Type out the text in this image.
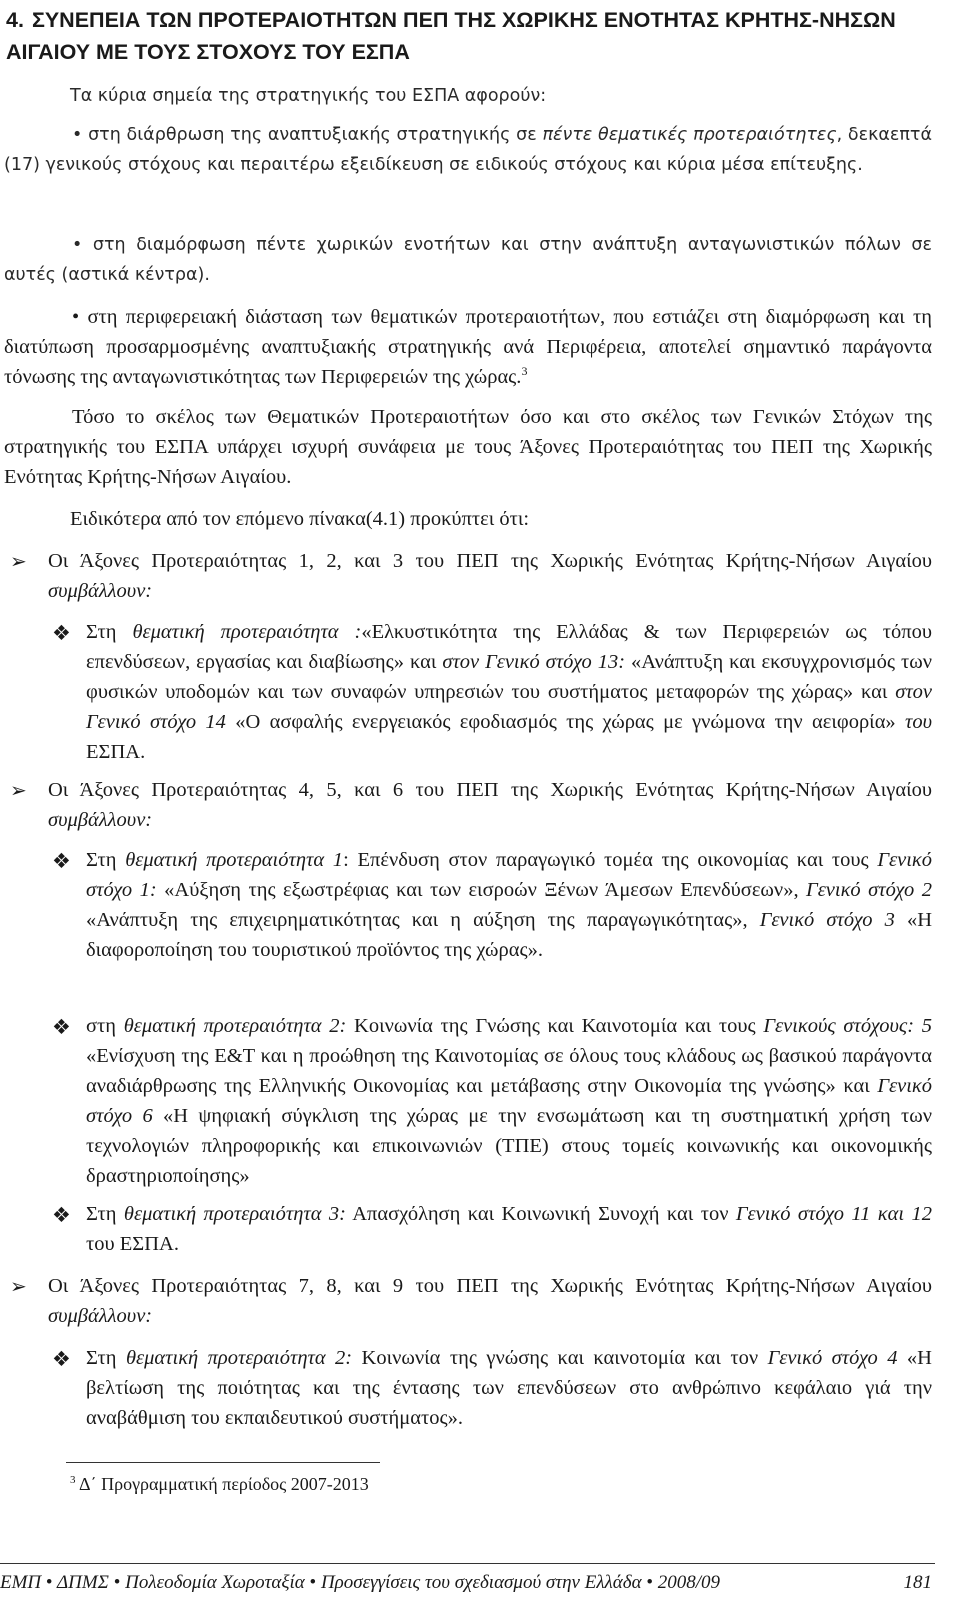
4. ΣΥΝΕΠΕΙΑ ΤΩΝ ΠΡΟΤΕΡΑΙΟΤΗΤΩΝ ΠΕΠ ΤΗΣ ΧΩΡΙΚΗΣ ΕΝΟΤΗΤΑΣ ΚΡΗΤΗΣ-ΝΗΣΩΝ ΑΙΓΑΙΟΥ ΜΕ ΤΟΥΣ ΣΤΟΧΟΥΣ ΤΟΥ ΕΣΠΑ

Τα κύρια σημεία της στρατηγικής του ΕΣΠΑ αφορούν:

• στη διάρθρωση της αναπτυξιακής στρατηγικής σε πέντε θεματικές προτεραιότητες, δεκαεπτά (17) γενικούς στόχους και περαιτέρω εξειδίκευση σε ειδικούς στόχους και κύρια μέσα επίτευξης.

• στη διαμόρφωση πέντε χωρικών ενοτήτων και στην ανάπτυξη ανταγωνιστικών πόλων σε αυτές (αστικά κέντρα).

• στη περιφερειακή διάσταση των θεματικών προτεραιοτήτων, που εστιάζει στη διαμόρφωση και τη διατύπωση προσαρμοσμένης αναπτυξιακής στρατηγικής ανά Περιφέρεια, αποτελεί σημαντικό παράγοντα τόνωσης της ανταγωνιστικότητας των Περιφερειών της χώρας.$^3$

Τόσο το σκέλος των Θεματικών Προτεραιοτήτων όσο και στο σκέλος των Γενικών Στόχων της στρατηγικής του ΕΣΠΑ υπάρχει ισχυρή συνάφεια με τους Άξονες Προτεραιότητας του ΠΕΠ της Χωρικής Ενότητας Κρήτης-Νήσων Αιγαίου.

Ειδικότερα από τον επόμενο πίνακα(4.1) προκύπτει ότι:

➢ Οι Άξονες Προτεραιότητας 1, 2, και 3 του ΠΕΠ της Χωρικής Ενότητας Κρήτης-Νήσων Αιγαίου συμβάλλουν:
❖ Στη θεματική προτεραιότητα :«Ελκυστικότητα της Ελλάδας & των Περιφερειών ως τόπου επενδύσεων, εργασίας και διαβίωσης» και στον Γενικό στόχο 13: «Ανάπτυξη και εκσυγχρονισμός των φυσικών υποδομών και των συναφών υπηρεσιών του συστήματος μεταφορών της χώρας» και στον Γενικό στόχο 14 «Ο ασφαλής ενεργειακός εφοδιασμός της χώρας με γνώμονα την αειφορία» του ΕΣΠΑ.
➢ Οι Άξονες Προτεραιότητας 4, 5, και 6 του ΠΕΠ της Χωρικής Ενότητας Κρήτης-Νήσων Αιγαίου συμβάλλουν:
❖ Στη θεματική προτεραιότητα 1: Επένδυση στον παραγωγικό τομέα της οικονομίας και τους Γενικό στόχο 1: «Αύξηση της εξωστρέφιας και των εισροών Ξένων Άμεσων Επενδύσεων», Γενικό στόχο 2 «Ανάπτυξη της επιχειρηματικότητας και η αύξηση της παραγωγικότητας», Γενικό στόχο 3 «Η διαφοροποίηση του τουριστικού προϊόντος της χώρας».
❖ στη θεματική προτεραιότητα 2: Κοινωνία της Γνώσης και Καινοτομία και τους Γενικούς στόχους: 5 «Ενίσχυση της Ε&Τ και η προώθηση της Καινοτομίας σε όλους τους κλάδους ως βασικού παράγοντα αναδιάρθρωσης της Ελληνικής Οικονομίας και μετάβασης στην Οικονομία της γνώσης» και Γενικό στόχο 6 «Η ψηφιακή σύγκλιση της χώρας με την ενσωμάτωση και τη συστηματική χρήση των τεχνολογιών πληροφορικής και επικοινωνιών (ΤΠΕ) στους τομείς κοινωνικής και οικονομικής δραστηριοποίησης»
❖ Στη θεματική προτεραιότητα 3: Απασχόληση και Κοινωνική Συνοχή και τον Γενικό στόχο 11 και 12 του ΕΣΠΑ.
➢ Οι Άξονες Προτεραιότητας 7, 8, και 9 του ΠΕΠ της Χωρικής Ενότητας Κρήτης-Νήσων Αιγαίου συμβάλλουν:
❖ Στη θεματική προτεραιότητα 2: Κοινωνία της γνώσης και καινοτομία και τον Γενικό στόχο 4 «Η βελτίωση της ποιότητας και της έντασης των επενδύσεων στο ανθρώπινο κεφάλαιο γιά την αναβάθμιση του εκπαιδευτικού συστήματος».

$^3$ Δ΄ Προγραμματική περίοδος 2007-2013

ΕΜΠ • ΔΠΜΣ • Πολεοδομία Χωροταξία • Προσεγγίσεις του σχεδιασμού στην Ελλάδα • 2008/09	181
